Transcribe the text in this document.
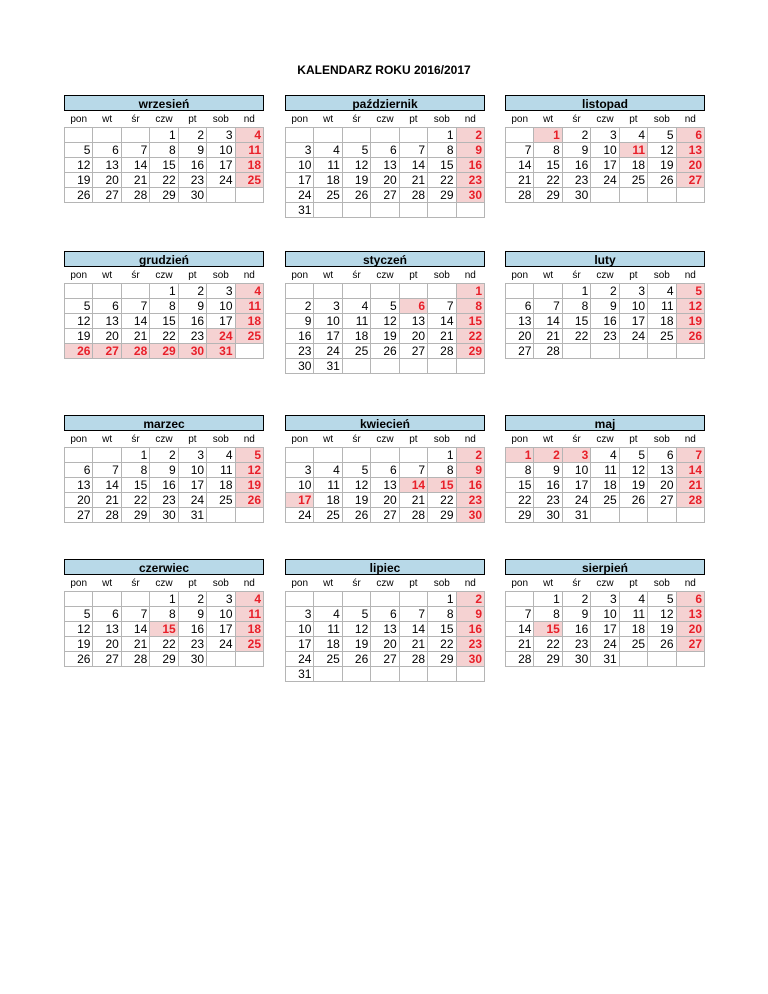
KALENDARZ ROKU 2016/2017
wrzesień
pon	wt	śr	czw	pt	sob	nd
			1	2	3	4
5	6	7	8	9	10	11
12	13	14	15	16	17	18
19	20	21	22	23	24	25
26	27	28	29	30		
październik
pon	wt	śr	czw	pt	sob	nd
					1	2
3	4	5	6	7	8	9
10	11	12	13	14	15	16
17	18	19	20	21	22	23
24	25	26	27	28	29	30
31						
listopad
pon	wt	śr	czw	pt	sob	nd
	1	2	3	4	5	6
7	8	9	10	11	12	13
14	15	16	17	18	19	20
21	22	23	24	25	26	27
28	29	30				
grudzień
pon	wt	śr	czw	pt	sob	nd
			1	2	3	4
5	6	7	8	9	10	11
12	13	14	15	16	17	18
19	20	21	22	23	24	25
26	27	28	29	30	31	
styczeń
pon	wt	śr	czw	pt	sob	nd
						1
2	3	4	5	6	7	8
9	10	11	12	13	14	15
16	17	18	19	20	21	22
23	24	25	26	27	28	29
30	31					
luty
pon	wt	śr	czw	pt	sob	nd
		1	2	3	4	5
6	7	8	9	10	11	12
13	14	15	16	17	18	19
20	21	22	23	24	25	26
27	28					
marzec
pon	wt	śr	czw	pt	sob	nd
		1	2	3	4	5
6	7	8	9	10	11	12
13	14	15	16	17	18	19
20	21	22	23	24	25	26
27	28	29	30	31		
kwiecień
pon	wt	śr	czw	pt	sob	nd
					1	2
3	4	5	6	7	8	9
10	11	12	13	14	15	16
17	18	19	20	21	22	23
24	25	26	27	28	29	30
maj
pon	wt	śr	czw	pt	sob	nd
1	2	3	4	5	6	7
8	9	10	11	12	13	14
15	16	17	18	19	20	21
22	23	24	25	26	27	28
29	30	31				
czerwiec
pon	wt	śr	czw	pt	sob	nd
			1	2	3	4
5	6	7	8	9	10	11
12	13	14	15	16	17	18
19	20	21	22	23	24	25
26	27	28	29	30		
lipiec
pon	wt	śr	czw	pt	sob	nd
					1	2
3	4	5	6	7	8	9
10	11	12	13	14	15	16
17	18	19	20	21	22	23
24	25	26	27	28	29	30
31						
sierpień
pon	wt	śr	czw	pt	sob	nd
	1	2	3	4	5	6
7	8	9	10	11	12	13
14	15	16	17	18	19	20
21	22	23	24	25	26	27
28	29	30	31			
